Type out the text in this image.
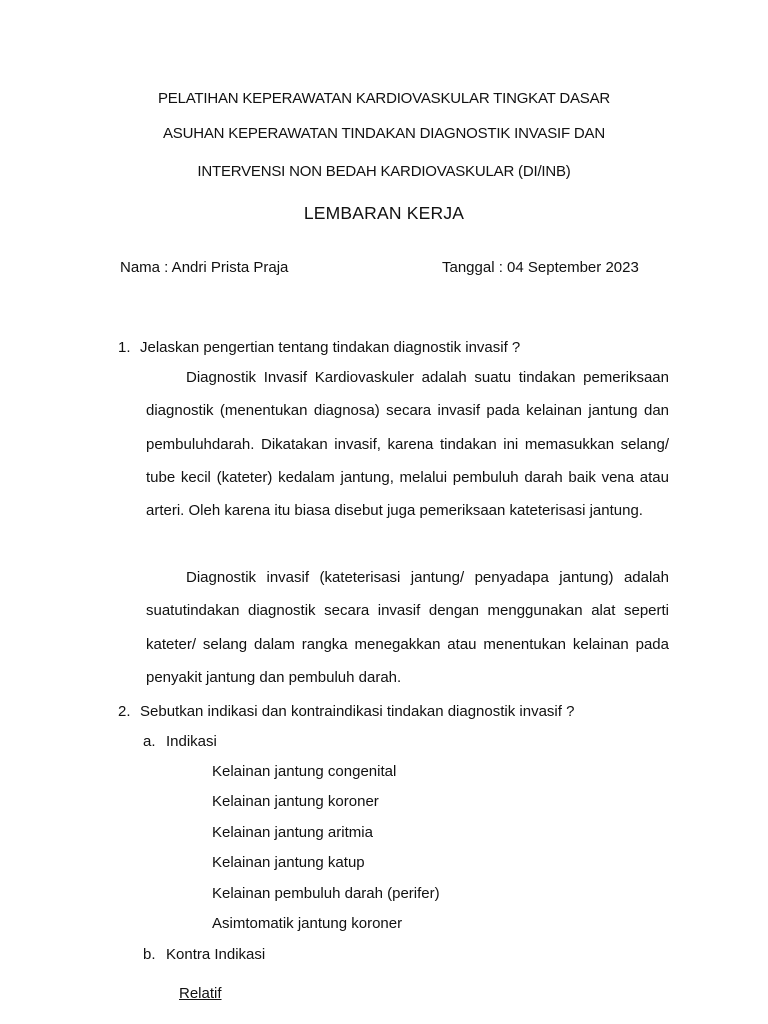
PELATIHAN KEPERAWATAN KARDIOVASKULAR TINGKAT DASAR
ASUHAN KEPERAWATAN TINDAKAN DIAGNOSTIK INVASIF DAN
INTERVENSI NON BEDAH KARDIOVASKULAR (DI/INB)
LEMBARAN KERJA
Nama : Andri Prista Praja	Tanggal : 04 September 2023
1. Jelaskan pengertian tentang tindakan diagnostik invasif ?

Diagnostik Invasif Kardiovaskuler adalah suatu tindakan pemeriksaan diagnostik (menentukan diagnosa) secara invasif pada kelainan jantung dan pembuluhdarah. Dikatakan invasif, karena tindakan ini memasukkan selang/ tube kecil (kateter) kedalam jantung, melalui pembuluh darah baik vena atau arteri. Oleh karena itu biasa disebut juga pemeriksaan kateterisasi jantung.

Diagnostik invasif (kateterisasi jantung/ penyadapa jantung) adalah suatutindakan diagnostik secara invasif dengan menggunakan alat seperti kateter/ selang dalam rangka menegakkan atau menentukan kelainan pada penyakit jantung dan pembuluh darah.

2. Sebutkan indikasi dan kontraindikasi tindakan diagnostik invasif ?
a. Indikasi
Kelainan jantung congenital
Kelainan jantung koroner
Kelainan jantung aritmia
Kelainan jantung katup
Kelainan pembuluh darah (perifer)
Asimtomatik jantung koroner
b. Kontra Indikasi
Relatif
